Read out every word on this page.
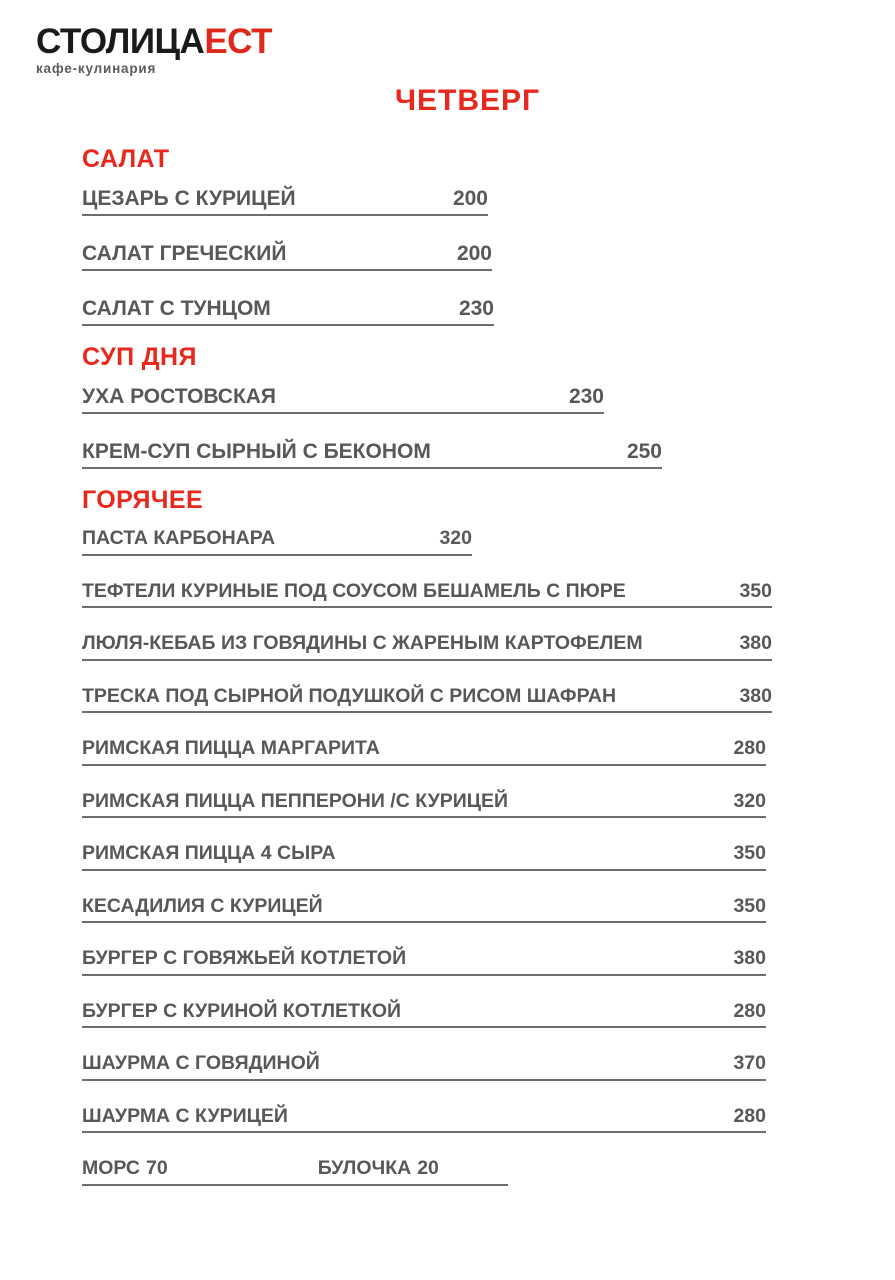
СТОЛИЦАЕСТ
кафе-кулинария
ЧЕТВЕРГ
САЛАТ
ЦЕЗАРЬ С КУРИЦЕЙ	200
САЛАТ ГРЕЧЕСКИЙ	200
САЛАТ С ТУНЦОМ	230
СУП ДНЯ
УХА РОСТОВСКАЯ	230
КРЕМ-СУП СЫРНЫЙ С БЕКОНОМ	250
ГОРЯЧЕЕ
ПАСТА КАРБОНАРА	320
ТЕФТЕЛИ КУРИНЫЕ ПОД СОУСОМ БЕШАМЕЛЬ С ПЮРЕ	350
ЛЮЛЯ-КЕБАБ ИЗ ГОВЯДИНЫ С ЖАРЕНЫМ КАРТОФЕЛЕМ	380
ТРЕСКА ПОД СЫРНОЙ ПОДУШКОЙ С РИСОМ ШАФРАН	380
РИМСКАЯ ПИЦЦА МАРГАРИТА	280
РИМСКАЯ ПИЦЦА ПЕППЕРОНИ /С КУРИЦЕЙ	320
РИМСКАЯ ПИЦЦА 4 СЫРА	350
КЕСАДИЛИЯ С КУРИЦЕЙ	350
БУРГЕР С ГОВЯЖЬЕЙ КОТЛЕТОЙ	380
БУРГЕР С КУРИНОЙ КОТЛЕТКОЙ	280
ШАУРМА С ГОВЯДИНОЙ	370
ШАУРМА С КУРИЦЕЙ	280
МОРС 70	БУЛОЧКА 20
